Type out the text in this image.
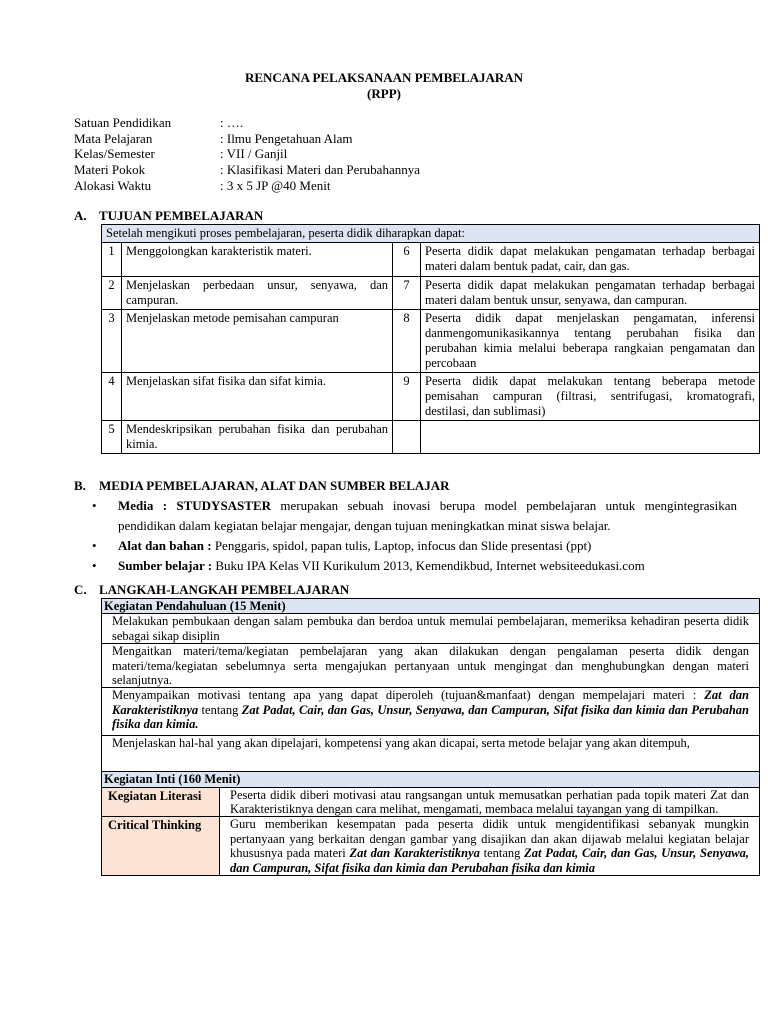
RENCANA PELAKSANAAN PEMBELAJARAN
(RPP)
Satuan Pendidikan	: ….
Mata Pelajaran	: Ilmu Pengetahuan Alam
Kelas/Semester	: VII / Ganjil
Materi Pokok	: Klasifikasi Materi dan Perubahannya
Alokasi Waktu	: 3 x 5 JP @40 Menit
A. TUJUAN PEMBELAJARAN
Setelah mengikuti proses pembelajaran, peserta didik diharapkan dapat:			
1	Menggolongkan karakteristik materi.	6	Peserta didik dapat melakukan pengamatan terhadap berbagai materi dalam bentuk padat, cair, dan gas.
2	Menjelaskan perbedaan unsur, senyawa, dan campuran.	7	Peserta didik dapat melakukan pengamatan terhadap berbagai materi dalam bentuk unsur, senyawa, dan campuran.
3	Menjelaskan metode pemisahan campuran	8	Peserta didik dapat menjelaskan pengamatan, inferensi danmengomunikasikannya tentang perubahan fisika dan perubahan kimia melalui beberapa rangkaian pengamatan dan percobaan
4	Menjelaskan sifat fisika dan sifat kimia.	9	Peserta didik dapat melakukan tentang beberapa metode pemisahan campuran (filtrasi, sentrifugasi, kromatografi, destilasi, dan sublimasi)
5	Mendeskripsikan perubahan fisika dan perubahan kimia.		
B. MEDIA PEMBELAJARAN, ALAT DAN SUMBER BELAJAR
•	Media : STUDYSASTER merupakan sebuah inovasi berupa model pembelajaran untuk mengintegrasikan pendidikan dalam kegiatan belajar mengajar, dengan tujuan meningkatkan minat siswa belajar.
•	Alat dan bahan : Penggaris, spidol, papan tulis, Laptop, infocus dan Slide presentasi (ppt)
•	Sumber belajar : Buku IPA Kelas VII Kurikulum 2013, Kemendikbud, Internet websiteedukasi.com
C. LANGKAH-LANGKAH PEMBELAJARAN
Kegiatan Pendahuluan (15 Menit)	
Melakukan pembukaan dengan salam pembuka dan berdoa untuk memulai pembelajaran, memeriksa kehadiran peserta didik sebagai sikap disiplin	
Mengaitkan materi/tema/kegiatan pembelajaran yang akan dilakukan dengan pengalaman peserta didik dengan materi/tema/kegiatan sebelumnya serta mengajukan pertanyaan untuk mengingat dan menghubungkan dengan materi selanjutnya.	
Menyampaikan motivasi tentang apa yang dapat diperoleh (tujuan&manfaat) dengan mempelajari materi : Zat dan Karakteristiknya tentang Zat Padat, Cair, dan Gas, Unsur, Senyawa, dan Campuran, Sifat fisika dan kimia dan Perubahan fisika dan kimia.	
Menjelaskan hal-hal yang akan dipelajari, kompetensi yang akan dicapai, serta metode belajar yang akan ditempuh,	
Kegiatan Inti (160 Menit)	
Kegiatan Literasi	Peserta didik diberi motivasi atau rangsangan untuk memusatkan perhatian pada topik materi Zat dan Karakteristiknya dengan cara melihat, mengamati, membaca melalui tayangan yang di tampilkan.
Critical Thinking	Guru memberikan kesempatan pada peserta didik untuk mengidentifikasi sebanyak mungkin pertanyaan yang berkaitan dengan gambar yang disajikan dan akan dijawab melalui kegiatan belajar khususnya pada materi Zat dan Karakteristiknya tentang Zat Padat, Cair, dan Gas, Unsur, Senyawa, dan Campuran, Sifat fisika dan kimia dan Perubahan fisika dan kimia
